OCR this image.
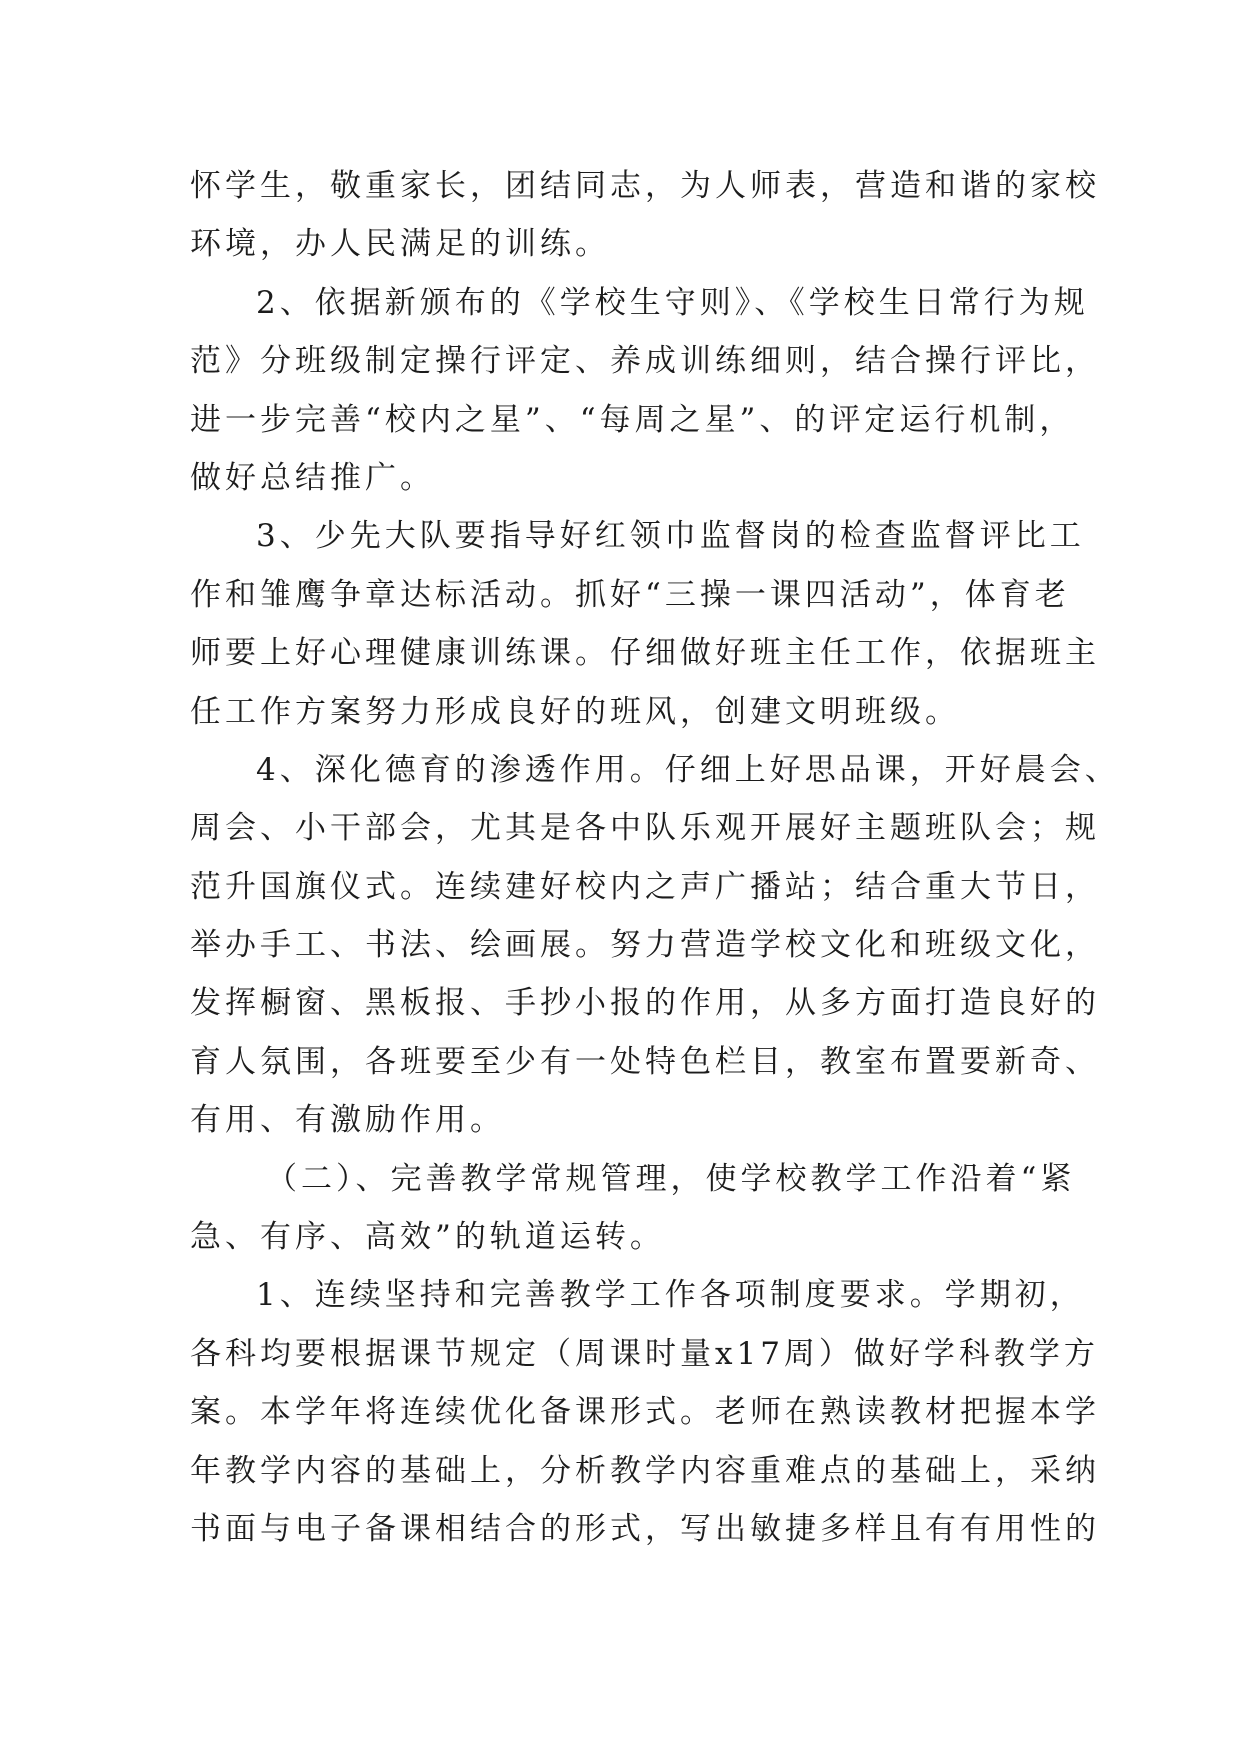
怀学生，敬重家长，团结同志，为人师表，营造和谐的家校
环境，办人民满足的训练。
2、依据新颁布的《学校生守则》、《学校生日常行为规
范》分班级制定操行评定、养成训练细则，结合操行评比，
进一步完善“校内之星”、“每周之星”、的评定运行机制，
做好总结推广。
3、少先大队要指导好红领巾监督岗的检查监督评比工
作和雏鹰争章达标活动。抓好“三操一课四活动”，体育老
师要上好心理健康训练课。仔细做好班主任工作，依据班主
任工作方案努力形成良好的班风，创建文明班级。
4、深化德育的渗透作用。仔细上好思品课，开好晨会、
周会、小干部会，尤其是各中队乐观开展好主题班队会；规
范升国旗仪式。连续建好校内之声广播站；结合重大节日，
举办手工、书法、绘画展。努力营造学校文化和班级文化，
发挥橱窗、黑板报、手抄小报的作用，从多方面打造良好的
育人氛围，各班要至少有一处特色栏目，教室布置要新奇、
有用、有激励作用。
（二）、完善教学常规管理，使学校教学工作沿着“紧
急、有序、高效”的轨道运转。
1、连续坚持和完善教学工作各项制度要求。学期初，
各科均要根据课节规定（周课时量x17周）做好学科教学方
案。本学年将连续优化备课形式。老师在熟读教材把握本学
年教学内容的基础上，分析教学内容重难点的基础上，采纳
书面与电子备课相结合的形式，写出敏捷多样且有有用性的
